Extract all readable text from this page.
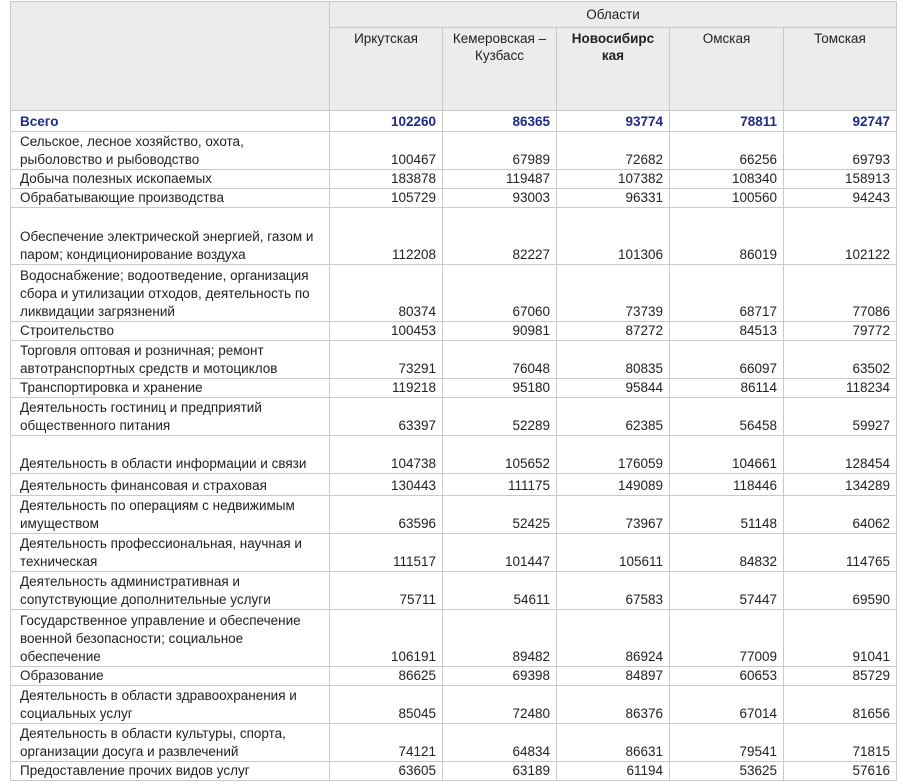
	Области				
	Иркутская	Кемеровская – Кузбасс	Новосибирс кая	Омская	Томская
Всего	102260	86365	93774	78811	92747
Сельское, лесное хозяйство, охота, рыболовство и рыбоводство	100467	67989	72682	66256	69793
Добыча полезных ископаемых	183878	119487	107382	108340	158913
Обрабатывающие производства	105729	93003	96331	100560	94243
Обеспечение электрической энергией, газом и паром; кондиционирование воздуха	112208	82227	101306	86019	102122
Водоснабжение; водоотведение, организация сбора и утилизации отходов, деятельность по ликвидации загрязнений	80374	67060	73739	68717	77086
Строительство	100453	90981	87272	84513	79772
Торговля оптовая и розничная; ремонт автотранспортных средств и мотоциклов	73291	76048	80835	66097	63502
Транспортировка и хранение	119218	95180	95844	86114	118234
Деятельность гостиниц и предприятий общественного питания	63397	52289	62385	56458	59927
Деятельность в области информации и связи	104738	105652	176059	104661	128454
Деятельность финансовая и страховая	130443	111175	149089	118446	134289
Деятельность по операциям с недвижимым имуществом	63596	52425	73967	51148	64062
Деятельность профессиональная, научная и техническая	111517	101447	105611	84832	114765
Деятельность административная и сопутствующие дополнительные услуги	75711	54611	67583	57447	69590
Государственное управление и обеспечение военной безопасности; социальное обеспечение	106191	89482	86924	77009	91041
Образование	86625	69398	84897	60653	85729
Деятельность в области здравоохранения и социальных услуг	85045	72480	86376	67014	81656
Деятельность в области культуры, спорта, организации досуга и развлечений	74121	64834	86631	79541	71815
Предоставление прочих видов услуг	63605	63189	61194	53625	57616
